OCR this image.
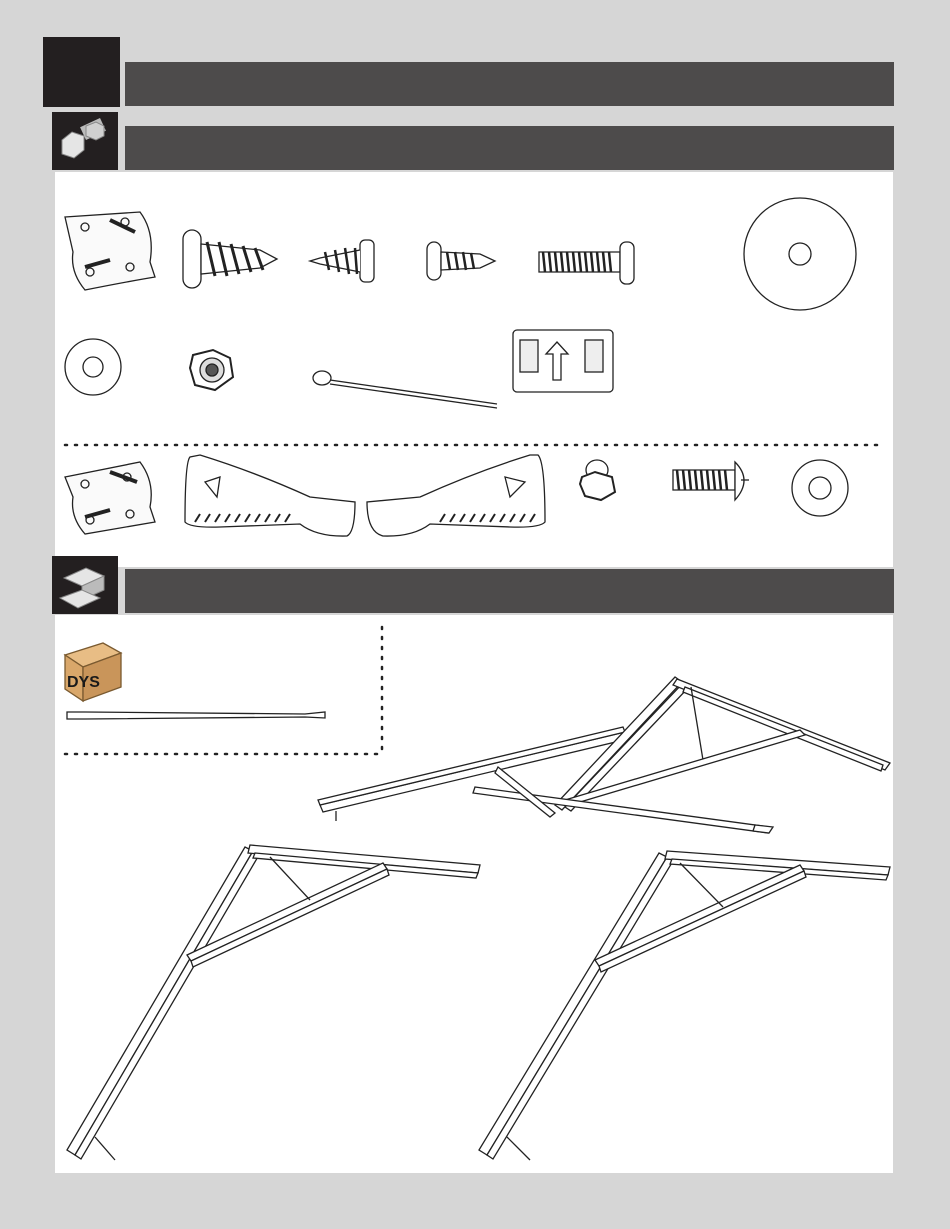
DYS
